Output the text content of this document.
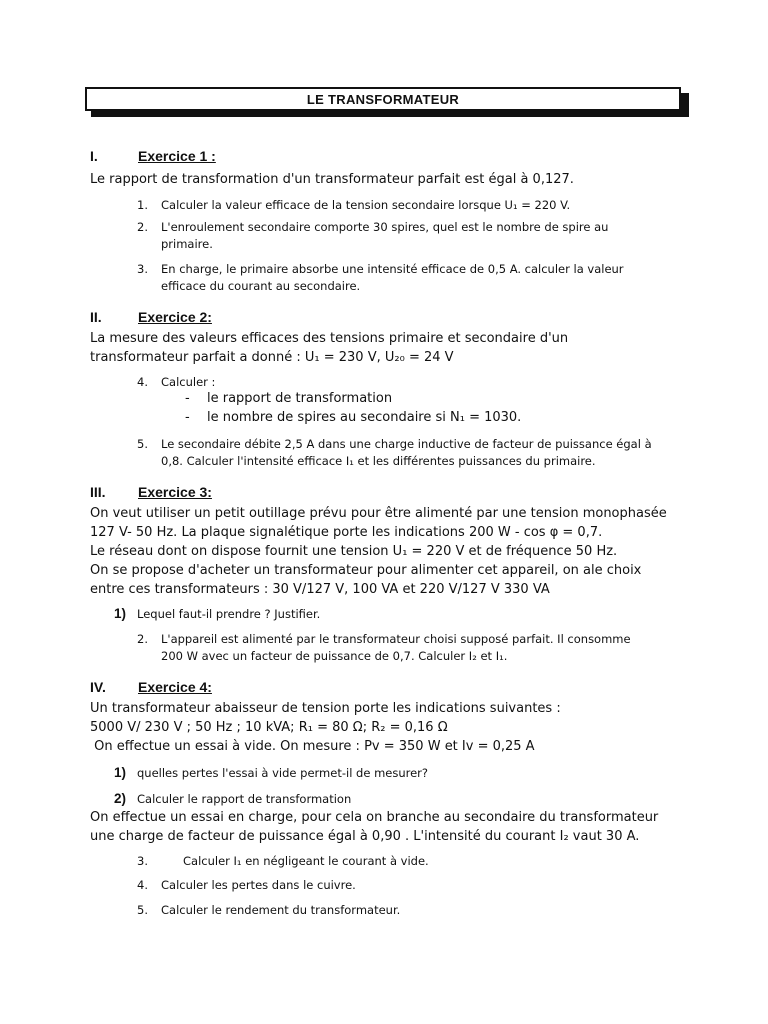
LE TRANSFORMATEUR
I.	Exercice 1 :
Le rapport de transformation d'un transformateur parfait est égal à 0,127.
1. Calculer la valeur efficace de la tension secondaire lorsque U₁ = 220 V.
2. L'enroulement secondaire comporte 30 spires, quel est le nombre de spire au
primaire.
3. En charge, le primaire absorbe une intensité efficace de 0,5 A. calculer la valeur
efficace du courant au secondaire.
II.	Exercice 2:
La mesure des valeurs efficaces des tensions primaire et secondaire d'un
transformateur parfait a donné : U₁ = 230 V, U₂₀ = 24 V
4. Calculer :
- le rapport de transformation
- le nombre de spires au secondaire si N₁ = 1030.
5. Le secondaire débite 2,5 A dans une charge inductive de facteur de puissance égal à
0,8. Calculer l'intensité efficace I₁ et les différentes puissances du primaire.
III. Exercice 3:
On veut utiliser un petit outillage prévu pour être alimenté par une tension monophasée
127 V- 50 Hz. La plaque signalétique porte les indications 200 W - cos φ = 0,7.
Le réseau dont on dispose fournit une tension U₁ = 220 V et de fréquence 50 Hz.
On se propose d'acheter un transformateur pour alimenter cet appareil, on ale choix
entre ces transformateurs : 30 V/127 V, 100 VA et 220 V/127 V 330 VA
1) Lequel faut-il prendre ? Justifier.
2. L'appareil est alimenté par le transformateur choisi supposé parfait. Il consomme
200 W avec un facteur de puissance de 0,7. Calculer I₂ et I₁.
IV. Exercice 4:
Un transformateur abaisseur de tension porte les indications suivantes :
5000 V/ 230 V ; 50 Hz ; 10 kVA; R₁ = 80 Ω; R₂ = 0,16 Ω
On effectue un essai à vide. On mesure : Pv = 350 W et Iv = 0,25 A
1) quelles pertes l'essai à vide permet-il de mesurer?
2) Calculer le rapport de transformation
On effectue un essai en charge, pour cela on branche au secondaire du transformateur
une charge de facteur de puissance égal à 0,90 . L'intensité du courant I₂ vaut 30 A.
3.	Calculer I₁ en négligeant le courant à vide.
4. Calculer les pertes dans le cuivre.
5. Calculer le rendement du transformateur.
